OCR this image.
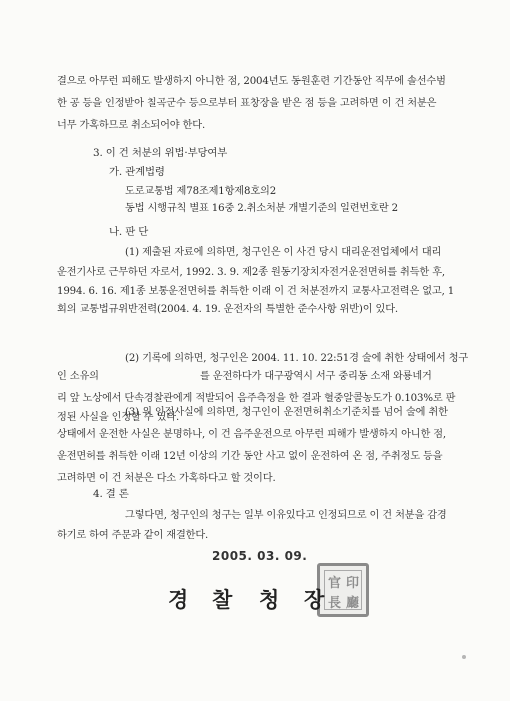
결으로 아무런 피해도 발생하지 아니한 점, 2004년도 동원훈련 기간동안 직무에 솔선수범
한 공 등을 인정받아 칠곡군수 등으로부터 표창장을 받은 점 등을 고려하면 이 건 처분은
너무 가혹하므로 취소되어야 한다.
3. 이 건 처분의 위법·부당여부
가. 관계법령
도로교통법 제78조제1항제8호의2
동법 시행규칙 별표 16중 2.취소처분 개별기준의 일련번호란 2
나. 판 단
(1) 제출된 자료에 의하면, 청구인은 이 사건 당시 대리운전업체에서 대리
운전기사로 근무하던 자로서, 1992. 3. 9. 제2종 원동기장치자전거운전면허를 취득한 후,
1994. 6. 16. 제1종 보통운전면허를 취득한 이래 이 건 처분전까지 교통사고전력은 없고, 1
회의 교통법규위반전력(2004. 4. 19. 운전자의 특별한 준수사항 위반)이 있다.
(2) 기록에 의하면, 청구인은 2004. 11. 10. 22:51경 술에 취한 상태에서 청구
인 소유의	를 운전하다가 대구광역시 서구 중리동 소재 와룡네거
리 앞 노상에서 단속경찰관에게 적발되어 음주측정을 한 결과 혈중알콜농도가 0.103%로 판
정된 사실을 인정할 수 있다.
(3) 위 인정사실에 의하면, 청구인이 운전면허취소기준치를 넘어 술에 취한
상태에서 운전한 사실은 분명하나, 이 건 음주운전으로 아무런 피해가 발생하지 아니한 점,
운전면허를 취득한 이래 12년 이상의 기간 동안 사고 없이 운전하여 온 점, 주취정도 등을
고려하면 이 건 처분은 다소 가혹하다고 할 것이다.
4. 결 론
2005. 03. 09.
경 찰 청 장
官 印
長 廳
그렇다면, 청구인의 청구는 일부 이유있다고 인정되므로 이 건 처분을 감경
하기로 하여 주문과 같이 재결한다.
